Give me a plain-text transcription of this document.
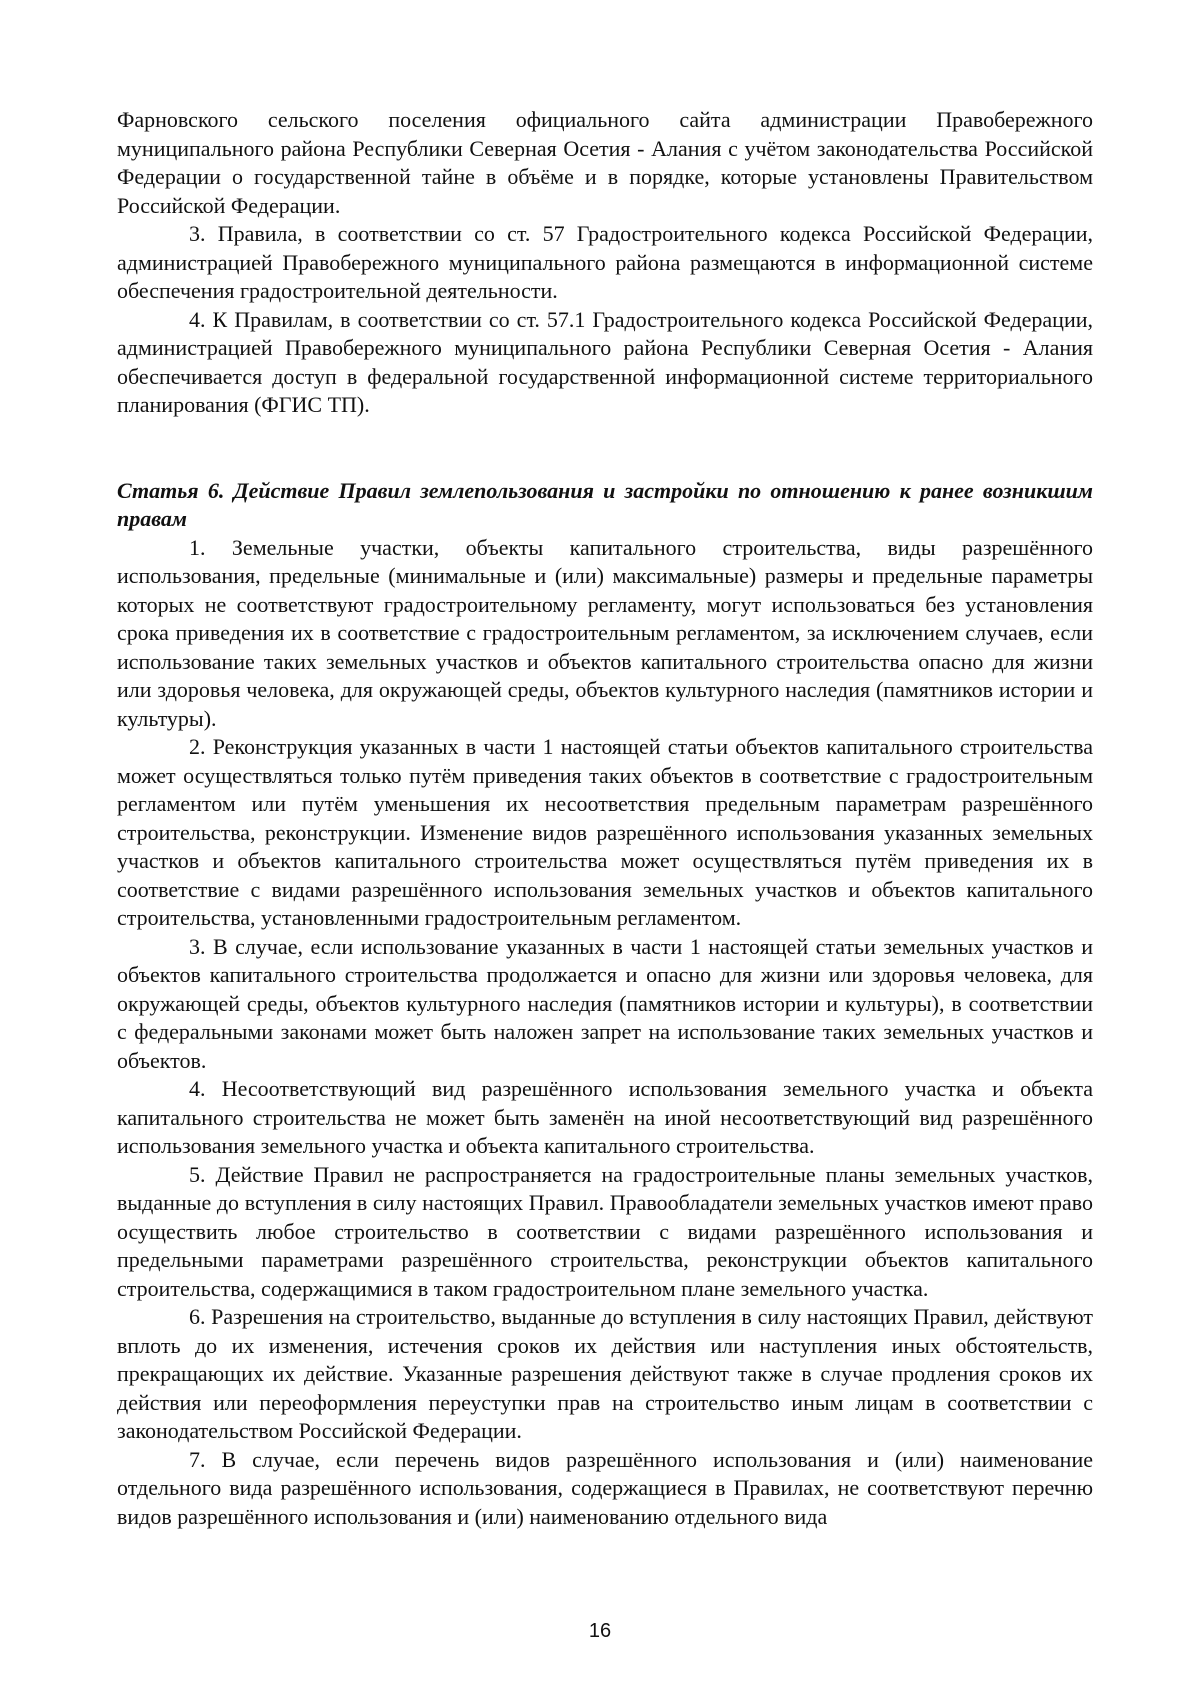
Фарновского сельского поселения официального сайта администрации Правобережного муниципального района Республики Северная Осетия - Алания с учётом законодательства Российской Федерации о государственной тайне в объёме и в порядке, которые установлены Правительством Российской Федерации.

3. Правила, в соответствии со ст. 57 Градостроительного кодекса Российской Федерации, администрацией Правобережного муниципального района размещаются в информационной системе обеспечения градостроительной деятельности.

4. К Правилам, в соответствии со ст. 57.1 Градостроительного кодекса Российской Федерации, администрацией Правобережного муниципального района Республики Северная Осетия - Алания обеспечивается доступ в федеральной государственной информационной системе территориального планирования (ФГИС ТП).

Статья 6. Действие Правил землепользования и застройки по отношению к ранее возникшим правам

1. Земельные участки, объекты капитального строительства, виды разрешённого использования, предельные (минимальные и (или) максимальные) размеры и предельные параметры которых не соответствуют градостроительному регламенту, могут использоваться без установления срока приведения их в соответствие с градостроительным регламентом, за исключением случаев, если использование таких земельных участков и объектов капитального строительства опасно для жизни или здоровья человека, для окружающей среды, объектов культурного наследия (памятников истории и культуры).

2. Реконструкция указанных в части 1 настоящей статьи объектов капитального строительства может осуществляться только путём приведения таких объектов в соответствие с градостроительным регламентом или путём уменьшения их несоответствия предельным параметрам разрешённого строительства, реконструкции. Изменение видов разрешённого использования указанных земельных участков и объектов капитального строительства может осуществляться путём приведения их в соответствие с видами разрешённого использования земельных участков и объектов капитального строительства, установленными градостроительным регламентом.

3. В случае, если использование указанных в части 1 настоящей статьи земельных участков и объектов капитального строительства продолжается и опасно для жизни или здоровья человека, для окружающей среды, объектов культурного наследия (памятников истории и культуры), в соответствии с федеральными законами может быть наложен запрет на использование таких земельных участков и объектов.

4. Несоответствующий вид разрешённого использования земельного участка и объекта капитального строительства не может быть заменён на иной несоответствующий вид разрешённого использования земельного участка и объекта капитального строительства.

5. Действие Правил не распространяется на градостроительные планы земельных участков, выданные до вступления в силу настоящих Правил. Правообладатели земельных участков имеют право осуществить любое строительство в соответствии с видами разрешённого использования и предельными параметрами разрешённого строительства, реконструкции объектов капитального строительства, содержащимися в таком градостроительном плане земельного участка.

6. Разрешения на строительство, выданные до вступления в силу настоящих Правил, действуют вплоть до их изменения, истечения сроков их действия или наступления иных обстоятельств, прекращающих их действие. Указанные разрешения действуют также в случае продления сроков их действия или переоформления переуступки прав на строительство иным лицам в соответствии с законодательством Российской Федерации.

7. В случае, если перечень видов разрешённого использования и (или) наименование отдельного вида разрешённого использования, содержащиеся в Правилах, не соответствуют перечню видов разрешённого использования и (или) наименованию отдельного вида

16
